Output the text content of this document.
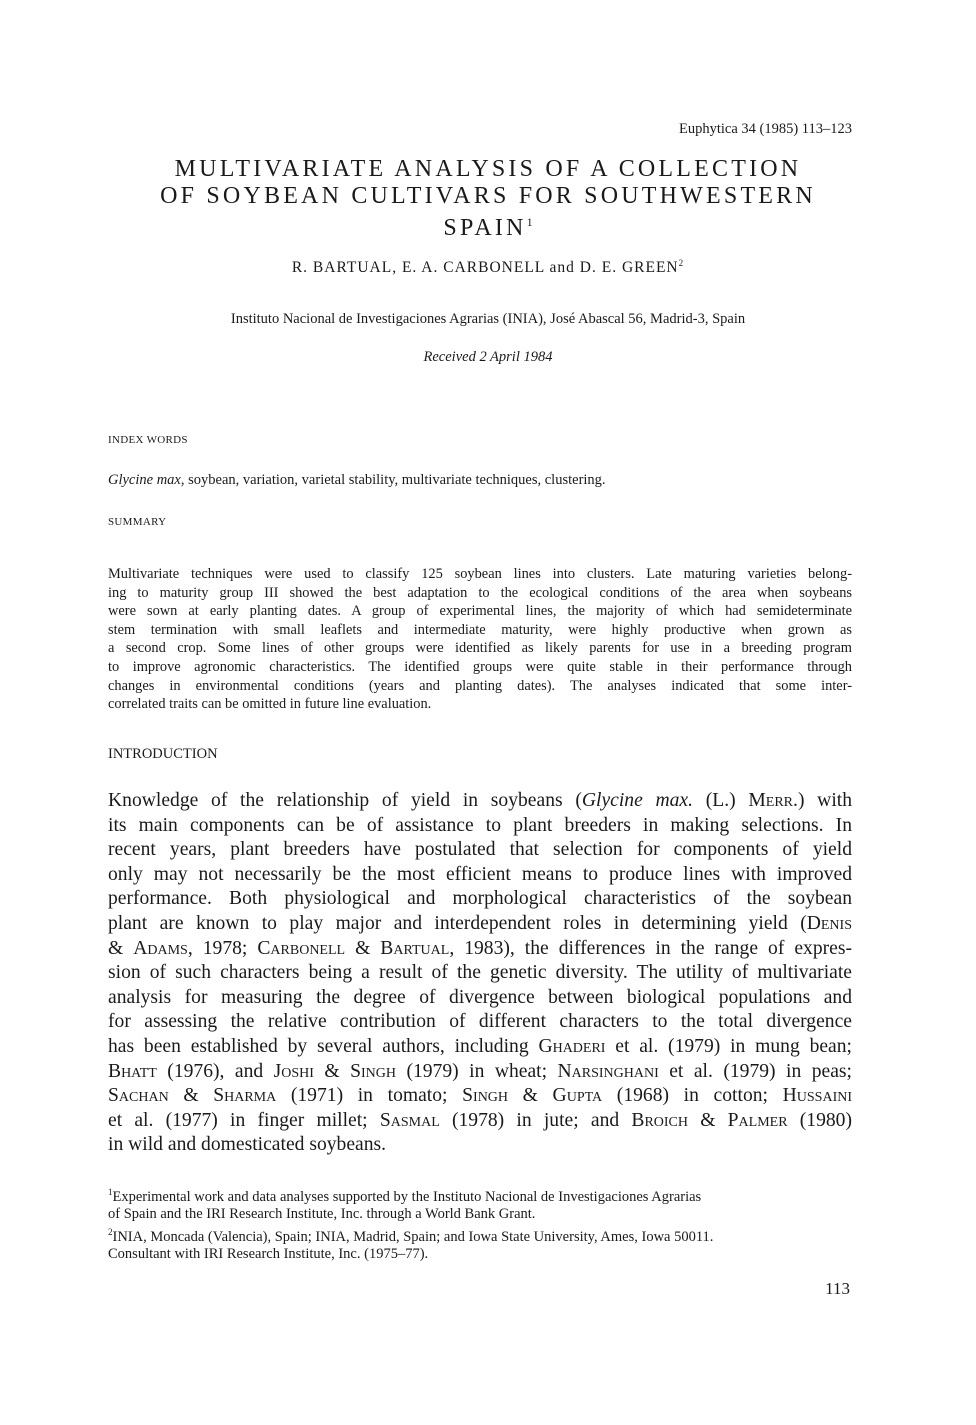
Euphytica 34 (1985) 113–123
MULTIVARIATE ANALYSIS OF A COLLECTION
OF SOYBEAN CULTIVARS FOR SOUTHWESTERN
SPAIN$^1$
R. BARTUAL, E. A. CARBONELL and D. E. GREEN$^2$
Instituto Nacional de Investigaciones Agrarias (INIA), José Abascal 56, Madrid-3, Spain
Received 2 April 1984
INDEX WORDS
Glycine max, soybean, variation, varietal stability, multivariate techniques, clustering.
SUMMARY
Multivariate techniques were used to classify 125 soybean lines into clusters. Late maturing varieties belong-
ing to maturity group III showed the best adaptation to the ecological conditions of the area when soybeans
were sown at early planting dates. A group of experimental lines, the majority of which had semideterminate
stem termination with small leaflets and intermediate maturity, were highly productive when grown as
a second crop. Some lines of other groups were identified as likely parents for use in a breeding program
to improve agronomic characteristics. The identified groups were quite stable in their performance through
changes in environmental conditions (years and planting dates). The analyses indicated that some inter-
correlated traits can be omitted in future line evaluation.
INTRODUCTION
Knowledge of the relationship of yield in soybeans (Glycine max. (L.) Merr.) with
its main components can be of assistance to plant breeders in making selections. In
recent years, plant breeders have postulated that selection for components of yield
only may not necessarily be the most efficient means to produce lines with improved
performance. Both physiological and morphological characteristics of the soybean
plant are known to play major and interdependent roles in determining yield (Denis
& Adams, 1978; Carbonell & Bartual, 1983), the differences in the range of expres-
sion of such characters being a result of the genetic diversity. The utility of multivariate
analysis for measuring the degree of divergence between biological populations and
for assessing the relative contribution of different characters to the total divergence
has been established by several authors, including Ghaderi et al. (1979) in mung bean;
Bhatt (1976), and Joshi & Singh (1979) in wheat; Narsinghani et al. (1979) in peas;
Sachan & Sharma (1971) in tomato; Singh & Gupta (1968) in cotton; Hussaini
et al. (1977) in finger millet; Sasmal (1978) in jute; and Broich & Palmer (1980)
in wild and domesticated soybeans.
$^1$Experimental work and data analyses supported by the Instituto Nacional de Investigaciones Agrarias
of Spain and the IRI Research Institute, Inc. through a World Bank Grant.
$^2$INIA, Moncada (Valencia), Spain; INIA, Madrid, Spain; and Iowa State University, Ames, Iowa 50011.
Consultant with IRI Research Institute, Inc. (1975–77).
113
